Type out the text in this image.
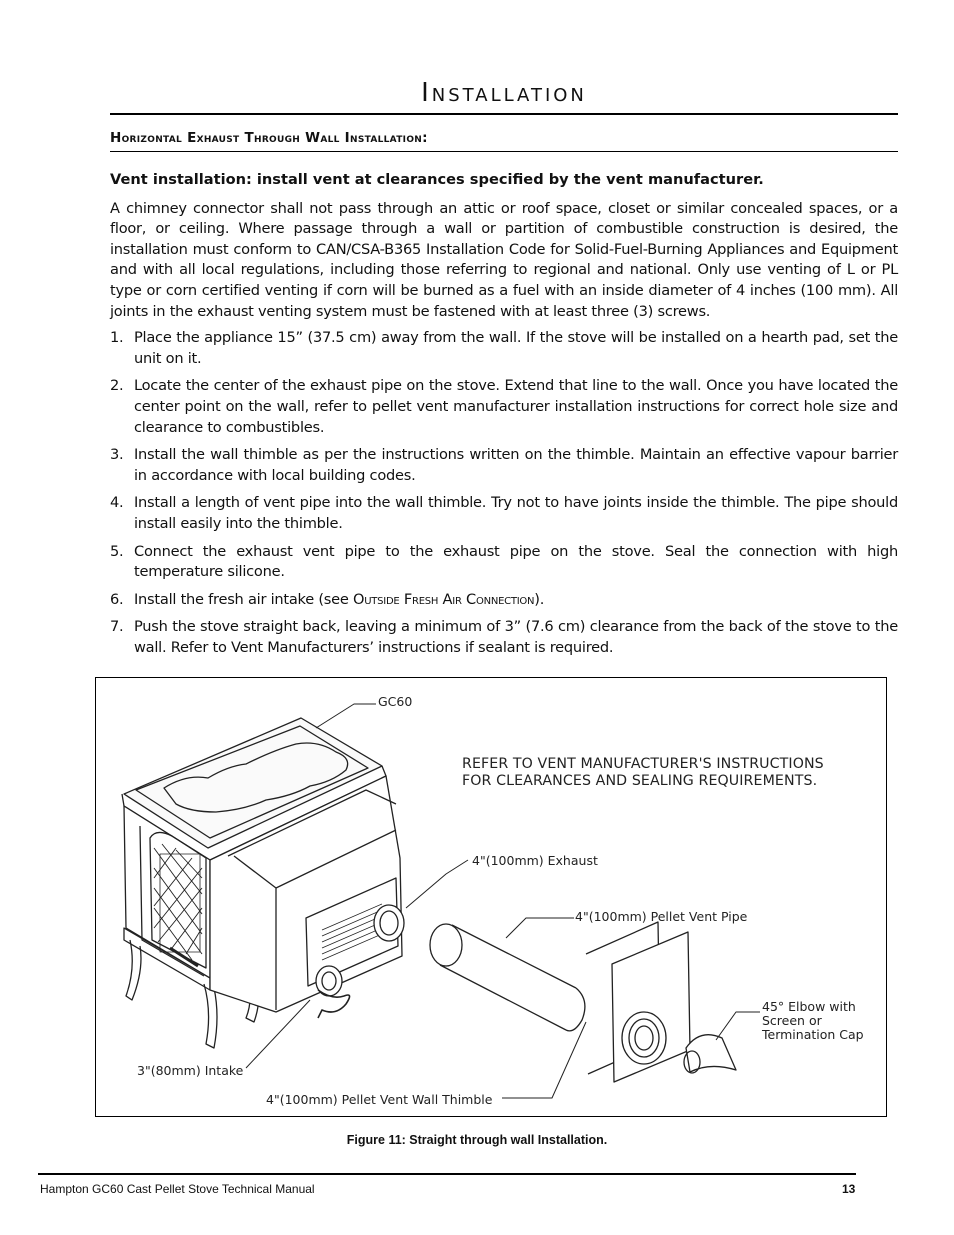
Installation
Horizontal Exhaust Through Wall Installation:

Vent installation: install vent at clearances specified by the vent manufacturer.

A chimney connector shall not pass through an attic or roof space, closet or similar concealed spaces, or a floor, or ceiling. Where passage through a wall or partition of combustible construction is desired, the installation must conform to CAN/CSA-B365 Installation Code for Solid-Fuel-Burning Appliances and Equipment and with all local regulations, including those referring to regional and national. Only use venting of L or PL type or corn certified venting if corn will be burned as a fuel with an inside diameter of 4 inches (100 mm). All joints in the exhaust venting system must be fastened with at least three (3) screws.

1. Place the appliance 15” (37.5 cm) away from the wall. If the stove will be installed on a hearth pad, set the unit on it.
2. Locate the center of the exhaust pipe on the stove. Extend that line to the wall. Once you have located the center point on the wall, refer to pellet vent manufacturer installation instructions for correct hole size and clearance to combustibles.
3. Install the wall thimble as per the instructions written on the thimble. Maintain an effective vapour barrier in accordance with local building codes.
4. Install a length of vent pipe into the wall thimble. Try not to have joints inside the thimble. The pipe should install easily into the thimble.
5. Connect the exhaust vent pipe to the exhaust pipe on the stove. Seal the connection with high temperature silicone.
6. Install the fresh air intake (see Outside Fresh Air Connection).
7. Push the stove straight back, leaving a minimum of 3” (7.6 cm) clearance from the back of the stove to the wall. Refer to Vent Manufacturers’ instructions if sealant is required.
GC60
REFER TO VENT MANUFACTURER'S INSTRUCTIONS
FOR CLEARANCES AND SEALING REQUIREMENTS.
4"(100mm) Exhaust
4"(100mm) Pellet Vent Pipe
45° Elbow with
Screen or
Termination Cap
3"(80mm) Intake
4"(100mm) Pellet Vent Wall Thimble
Figure 11: Straight through wall Installation.
Hampton GC60 Cast Pellet Stove Technical Manual	13
